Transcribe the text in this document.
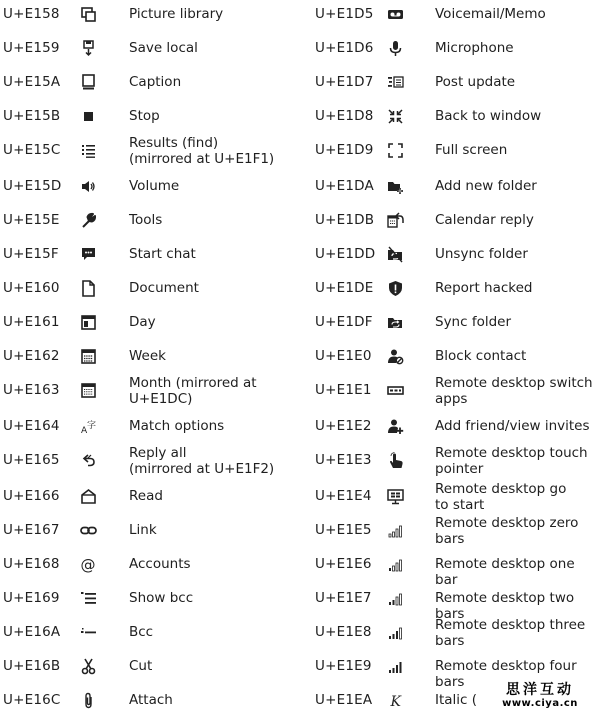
U+E158	Picture library
U+E159	Save local
U+E15A	Caption
U+E15B	Stop
U+E15C	Results (find)
(mirrored at U+E1F1)
U+E15D	Volume
U+E15E	Tools
U+E15F	Start chat
U+E160	Document
U+E161	Day
U+E162	Week
U+E163	Month (mirrored at
U+E1DC)
U+E164 A 字 Match options
U+E165	Reply all
(mirrored at U+E1F2)
U+E166	Read
U+E167	Link
U+E168 @ Accounts
U+E169	Show bcc
U+E16A	Bcc
U+E16B	Cut
U+E16C	Attach
U+E1D5	Voicemail/Memo
U+E1D6	Microphone
U+E1D7	Post update
U+E1D8	Back to window
U+E1D9	Full screen
U+E1DA	Add new folder
U+E1DB	Calendar reply
U+E1DD	Unsync folder
U+E1DE	Report hacked
U+E1DF	Sync folder
U+E1E0	Block contact
U+E1E1	Remote desktop switch
apps
U+E1E2	Add friend/view invites
U+E1E3	Remote desktop touch
pointer
U+E1E4	Remote desktop go
to start
U+E1E5	Remote desktop zero
bars
U+E1E6	Remote desktop one bar
U+E1E7	Remote desktop two bars
U+E1E8	Remote desktop three
bars
U+E1E9	Remote desktop four bars
U+E1EA K	Italic (
思洋互动
www.ciya.cn
